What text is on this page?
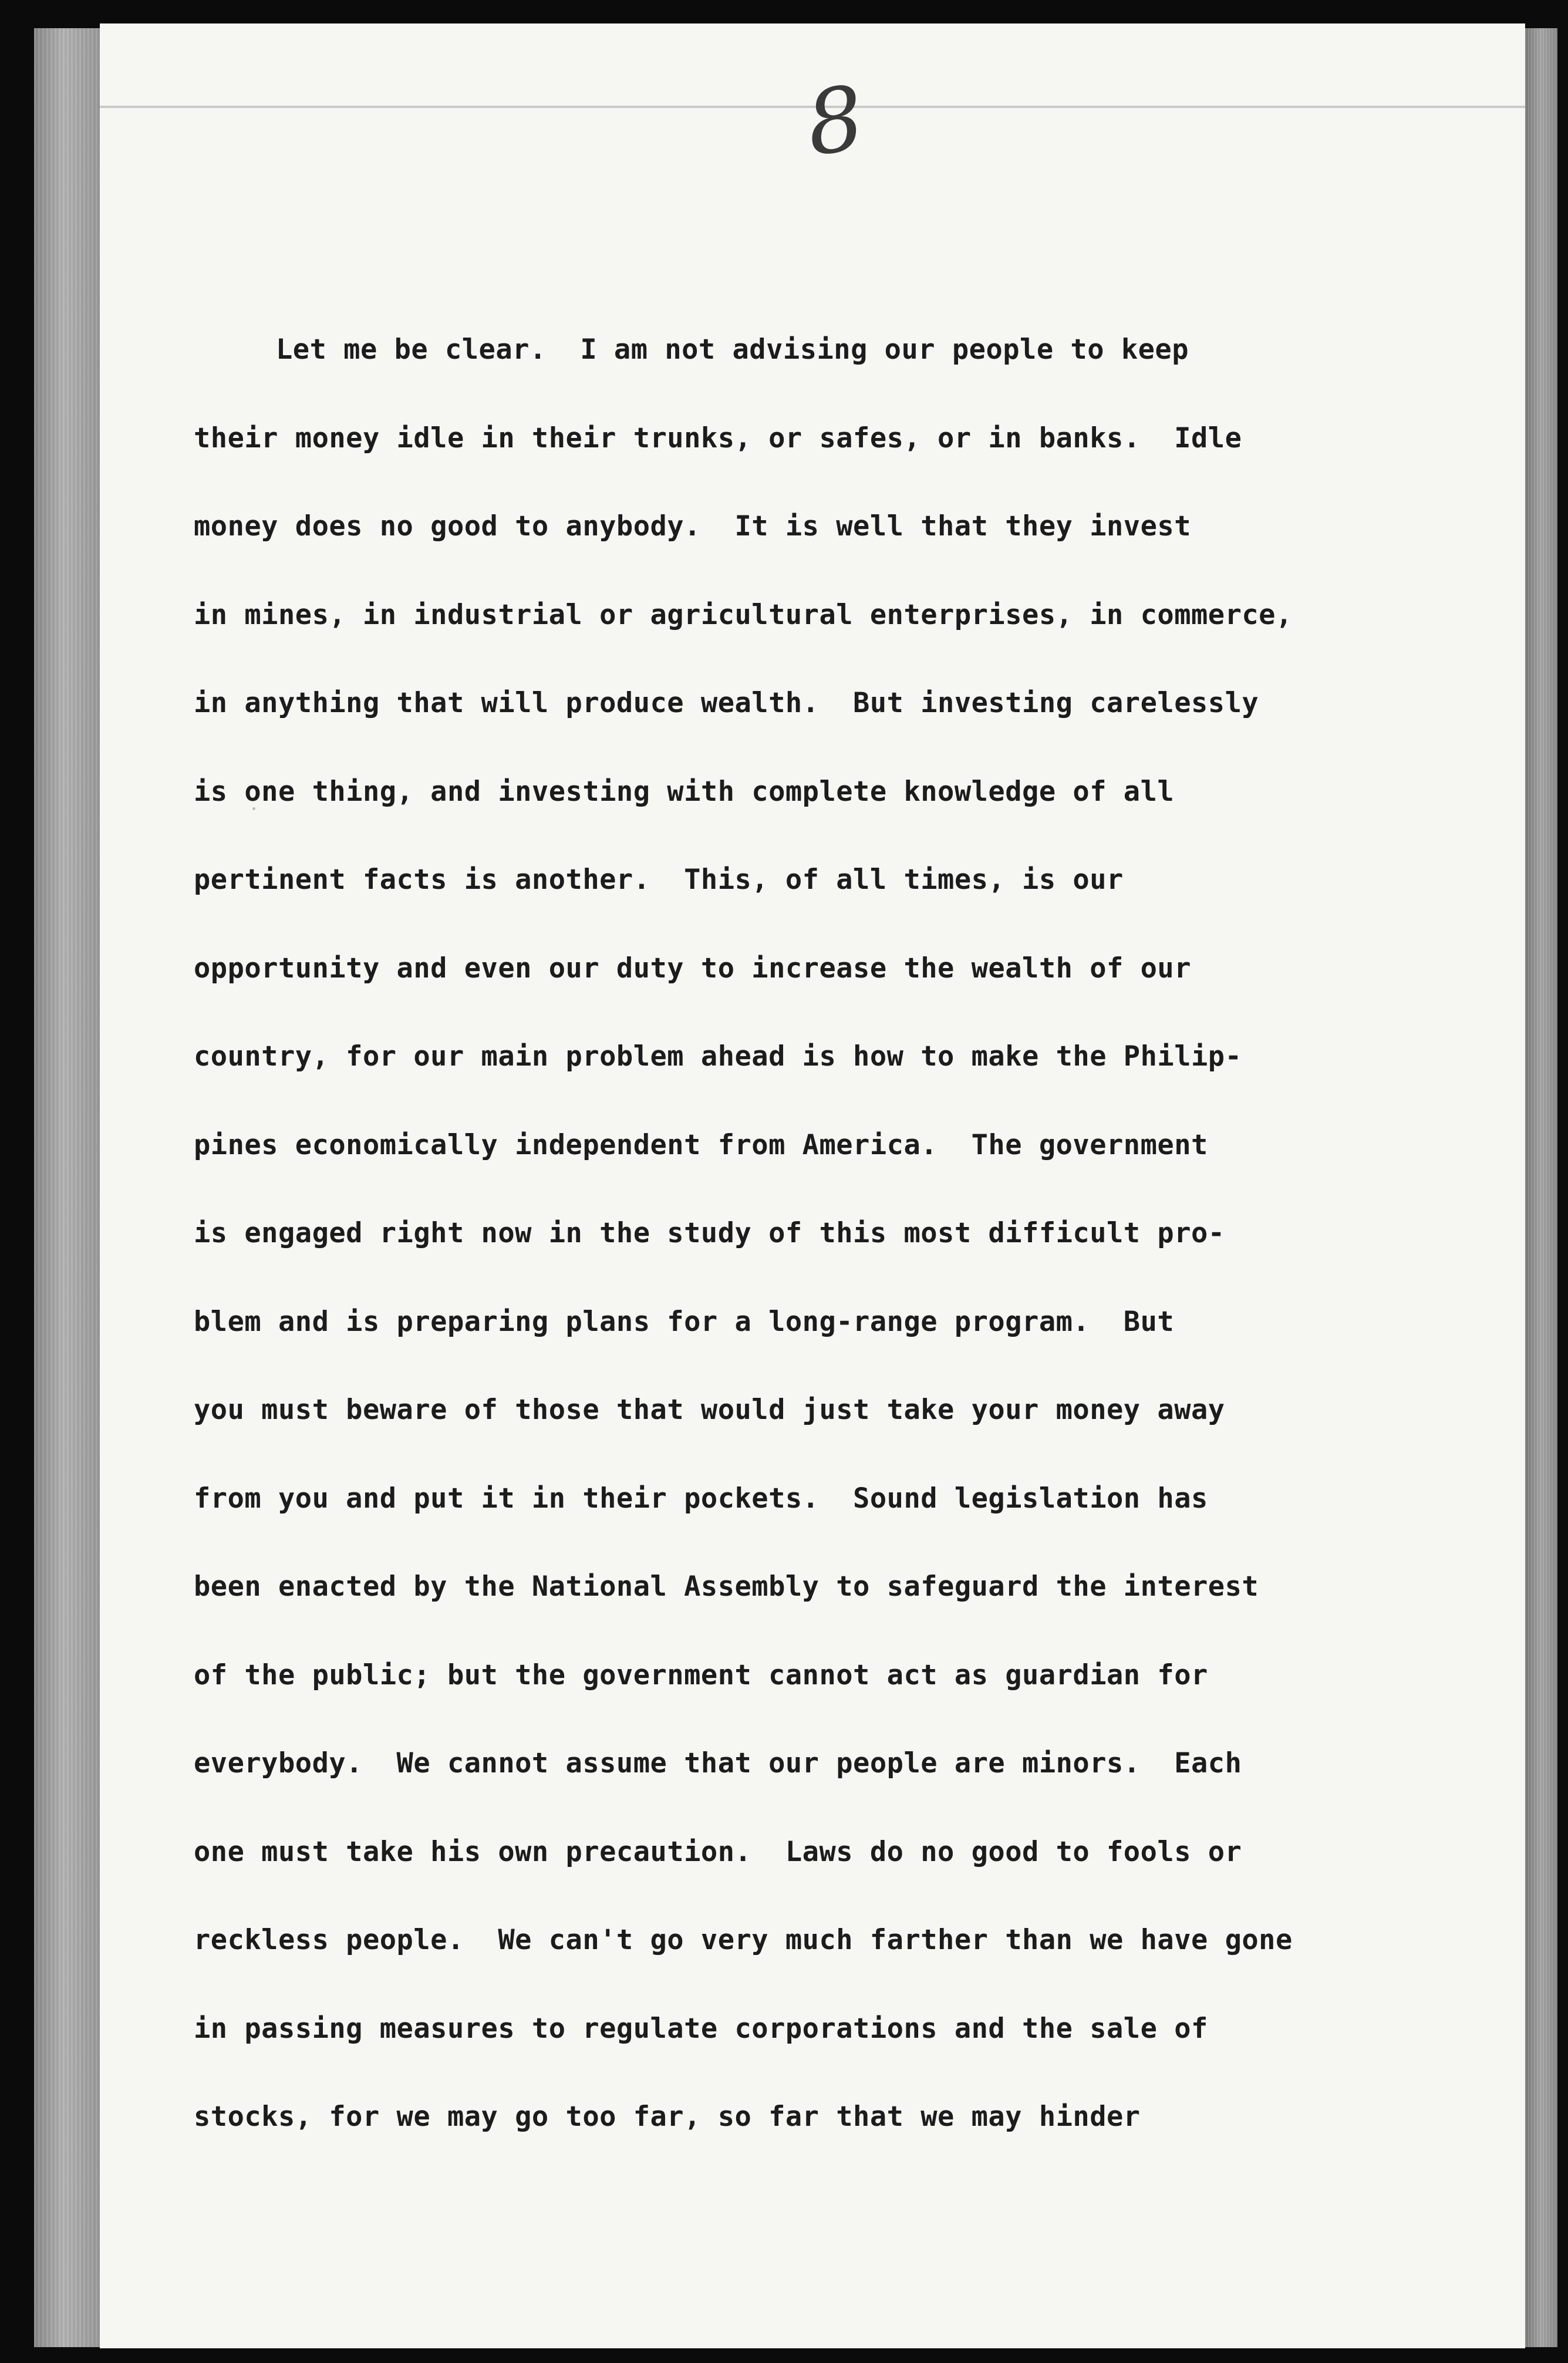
8
Let me be clear.  I am not advising our people to keep
their money idle in their trunks, or safes, or in banks.  Idle
money does no good to anybody.  It is well that they invest
in mines, in industrial or agricultural enterprises, in commerce,
in anything that will produce wealth.  But investing carelessly
is one thing, and investing with complete knowledge of all
pertinent facts is another.  This, of all times, is our
opportunity and even our duty to increase the wealth of our
country, for our main problem ahead is how to make the Philip-
pines economically independent from America.  The government
is engaged right now in the study of this most difficult pro-
blem and is preparing plans for a long-range program.  But
you must beware of those that would just take your money away
from you and put it in their pockets.  Sound legislation has
been enacted by the National Assembly to safeguard the interest
of the public; but the government cannot act as guardian for
everybody.  We cannot assume that our people are minors.  Each
one must take his own precaution.  Laws do no good to fools or
reckless people.  We can't go very much farther than we have gone
in passing measures to regulate corporations and the sale of
stocks, for we may go too far, so far that we may hinder
